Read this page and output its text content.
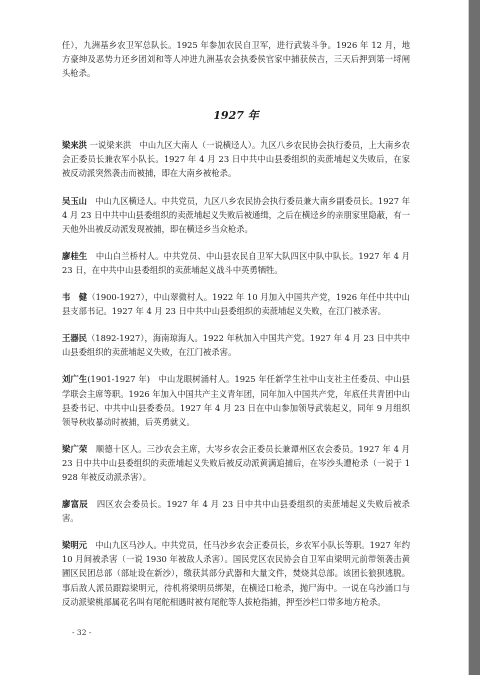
任），九洲基乡农卫军总队长。1925 年参加农民自卫军，进行武装斗争。1926 年 12 月，地方豪绅及恶势力还乡团刘和等人冲进九洲基农会执委侯官家中捕获侯吉，三天后押到第一埒闸头枪杀。

1927 年

梁来洪 一说梁来洪　中山九区大南人（一说横迳人）。九区八乡农民协会执行委员，上大南乡农会正委员长兼农军小队长。1927 年 4 月 23 日中共中山县委组织的卖蔗埔起义失败后，在家被反动派突然袭击而被捕，即在大南乡被枪杀。

吴玉山　中山九区横迳人。中共党员，九区八乡农民协会执行委员兼大南乡副委员长。1927 年 4 月 23 日中共中山县委组织的卖蔗埔起义失败后被通缉，之后在横迳乡的亲朋家里隐蔽，有一天他外出被反动派发现被捕，即在横迳乡当众枪杀。

廖桂生　中山白兰桥村人。中共党员、中山县农民自卫军大队四区中队中队长。1927 年 4 月 23 日，在中共中山县委组织的卖蔗埔起义战斗中英勇牺牲。

韦　健（1900-1927），中山翠微村人。1922 年 10 月加入中国共产党，1926 年任中共中山县支部书记。1927 年 4 月 23 日中共中山县委组织的卖蔗埔起义失败，在江门被杀害。

王器民（1892-1927），海南琼海人。1922 年秋加入中国共产党。1927 年 4 月 23 日中共中山县委组织的卖蔗埔起义失败，在江门被杀害。

刘广生(1901-1927 年)　中山龙眼树涌村人。1925 年任新学生社中山支社主任委员、中山县学联会主席等职。1926 年加入中国共产主义青年团，同年加入中国共产党，年底任共青团中山县委书记、中共中山县委委员。1927 年 4 月 23 日在中山参加领导武装起义，同年 9 月组织领导秋收暴动时被捕，后英勇就义。

梁广荣　顺德十区人。三沙农会主席，大岑乡农会正委员长兼谭州区农会委员。1927 年 4 月 23 日中共中山县委组织的卖蔗埔起义失败后被反动派黄满追捕后，在岑沙头遭枪杀（一说于 1928 年被反动派杀害）。

廖富辰　四区农会委员长。1927 年 4 月 23 日中共中山县委组织的卖蔗埔起义失败后被杀害。

梁明元　中山九区马沙人。中共党员，任马沙乡农会正委员长，乡农军小队长等职。1927 年约 10 月间被杀害（一说 1930 年被敌人杀害）。国民党区农民协会自卫军由梁明元前带领袭击黄圃区民团总部（部址设在新沙），缴获其部分武器和大量文件，焚烧其总部。该团长狼狈逃脱。事后敌人派员跟踪梁明元，待机将梁明员绑架，在横迳口枪杀，抛尸海中。一说在乌沙涌口与反动派梁桃部属花名叫有尾舵相遇时被有尾舵等人拔枪指捕，押至沙栏口带多地方枪杀。

- 32 -
